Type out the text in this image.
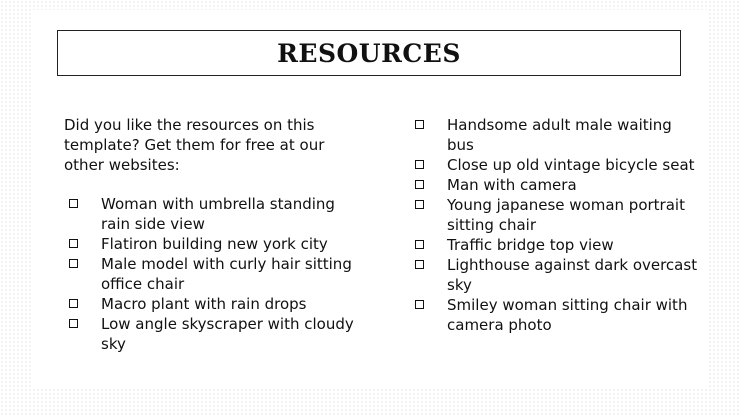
RESOURCES

Did you like the resources on this template? Get them for free at our other websites:

Woman with umbrella standing rain side view
Flatiron building new york city
Male model with curly hair sitting office chair
Macro plant with rain drops
Low angle skyscraper with cloudy sky
Handsome adult male waiting bus
Close up old vintage bicycle seat
Man with camera
Young japanese woman portrait sitting chair
Traffic bridge top view
Lighthouse against dark overcast sky
Smiley woman sitting chair with camera photo
